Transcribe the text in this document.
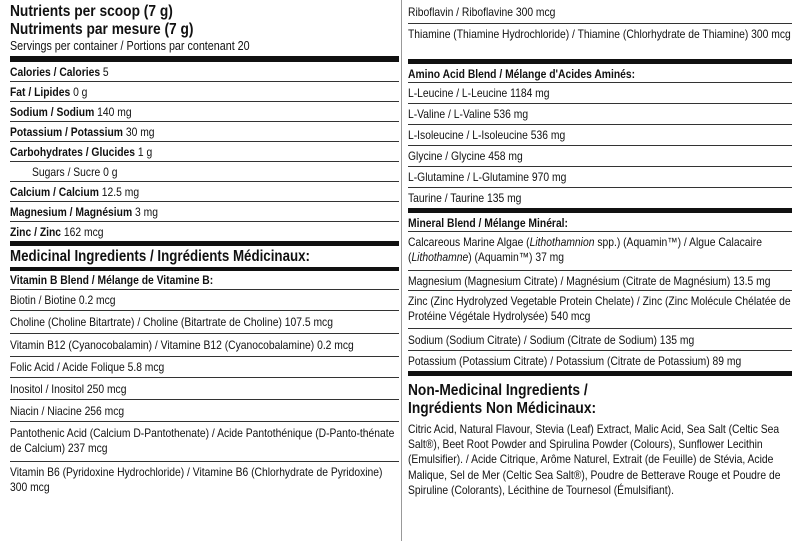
Nutrients per scoop (7 g)
Nutriments par mesure (7 g)
Servings per container / Portions par contenant 20
Calories / Calories 5
Fat / Lipides 0 g
Sodium / Sodium 140 mg
Potassium / Potassium 30 mg
Carbohydrates / Glucides 1 g
Sugars / Sucre 0 g
Calcium / Calcium 12.5 mg
Magnesium / Magnésium 3 mg
Zinc / Zinc 162 mcg
Medicinal Ingredients / Ingrédients Médicinaux:
Vitamin B Blend / Mélange de Vitamine B:
Biotin / Biotine 0.2 mcg
Choline (Choline Bitartrate) / Choline (Bitartrate de Choline) 107.5 mcg
Vitamin B12 (Cyanocobalamin) / Vitamine B12 (Cyanocobalamine) 0.2 mcg
Folic Acid / Acide Folique 5.8 mcg
Inositol / Inositol 250 mcg
Niacin / Niacine 256 mcg
Pantothenic Acid (Calcium D-Pantothenate) / Acide Pantothénique (D-Panto-thénate de Calcium) 237 mcg
Vitamin B6 (Pyridoxine Hydrochloride) / Vitamine B6 (Chlorhydrate de Pyridoxine) 300 mcg
Riboflavin / Riboflavine 300 mcg
Thiamine (Thiamine Hydrochloride) / Thiamine (Chlorhydrate de Thiamine) 300 mcg
Amino Acid Blend / Mélange d'Acides Aminés:
L-Leucine / L-Leucine 1184 mg
L-Valine / L-Valine 536 mg
L-Isoleucine / L-Isoleucine 536 mg
Glycine / Glycine 458 mg
L-Glutamine / L-Glutamine 970 mg
Taurine / Taurine 135 mg
Mineral Blend / Mélange Minéral:
Calcareous Marine Algae (Lithothamnion spp.) (Aquamin™) / Algue Calacaire (Lithothamne) (Aquamin™) 37 mg
Magnesium (Magnesium Citrate) / Magnésium (Citrate de Magnésium) 13.5 mg
Zinc (Zinc Hydrolyzed Vegetable Protein Chelate) / Zinc (Zinc Molécule Chélatée de Protéine Végétale Hydrolysée) 540 mcg
Sodium (Sodium Citrate) / Sodium (Citrate de Sodium) 135 mg
Potassium (Potassium Citrate) / Potassium (Citrate de Potassium) 89 mg
Non-Medicinal Ingredients /
Ingrédients Non Médicinaux:
Citric Acid, Natural Flavour, Stevia (Leaf) Extract, Malic Acid, Sea Salt (Celtic Sea Salt®), Beet Root Powder and Spirulina Powder (Colours), Sunflower Lecithin (Emulsifier). / Acide Citrique, Arôme Naturel, Extrait (de Feuille) de Stévia, Acide Malique, Sel de Mer (Celtic Sea Salt®), Poudre de Betterave Rouge et Poudre de Spiruline (Colorants), Lécithine de Tournesol (Émulsifiant).
